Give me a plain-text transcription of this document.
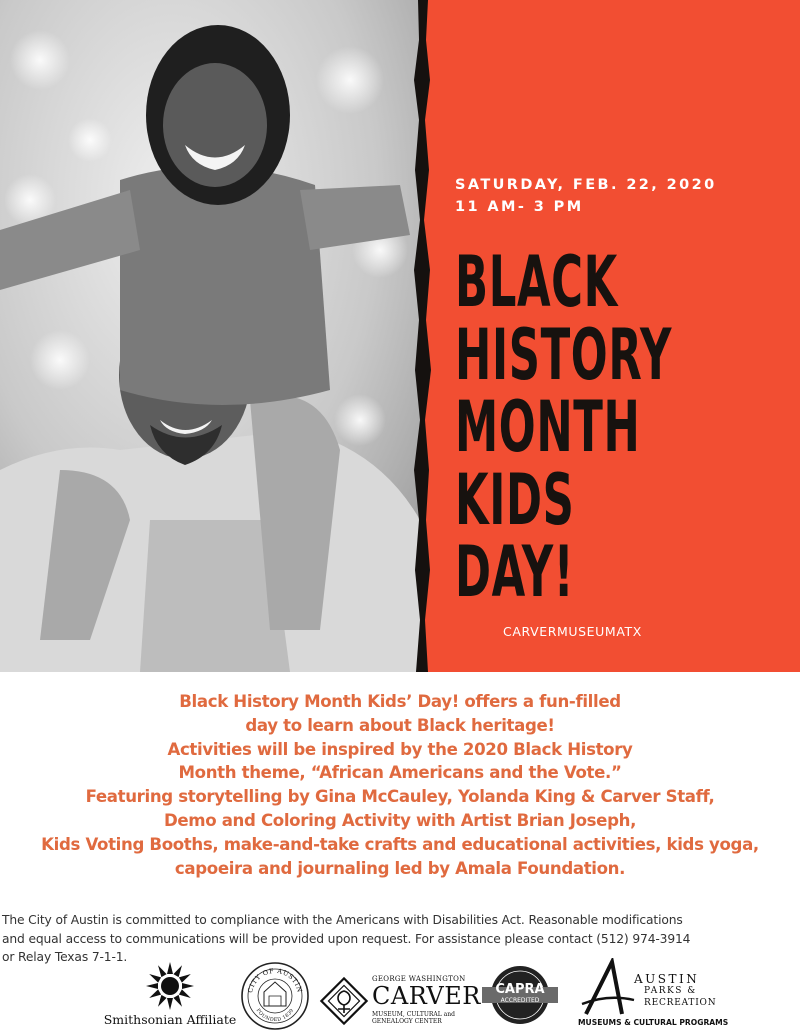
SATURDAY, FEB. 22, 2020
11 AM- 3 PM
BLACK
HISTORY
MONTH
KIDS
DAY!
CARVERMUSEUMATX
Black History Month Kids’ Day! offers a fun-filled
day to learn about Black heritage!
Activities will be inspired by the 2020 Black History
Month theme, “African Americans and the Vote.”
Featuring storytelling by Gina McCauley, Yolanda King & Carver Staff,
Demo and Coloring Activity with Artist Brian Joseph,
Kids Voting Booths, make-and-take crafts and educational activities, kids yoga,
capoeira and journaling led by Amala Foundation.
The City of Austin is committed to compliance with the Americans with Disabilities Act. Reasonable modifications
and equal access to communications will be provided upon request. For assistance please contact (512) 974-3914
or Relay Texas 7-1-1.
Smithsonian Affiliate
CITY OF AUSTIN
FOUNDED 1839
GEORGE WASHINGTON
CARVER
MUSEUM, CULTURAL and
GENEALOGY CENTER
CAPRA
ACCREDITED
AUSTIN
PARKS &
RECREATION
MUSEUMS & CULTURAL PROGRAMS
